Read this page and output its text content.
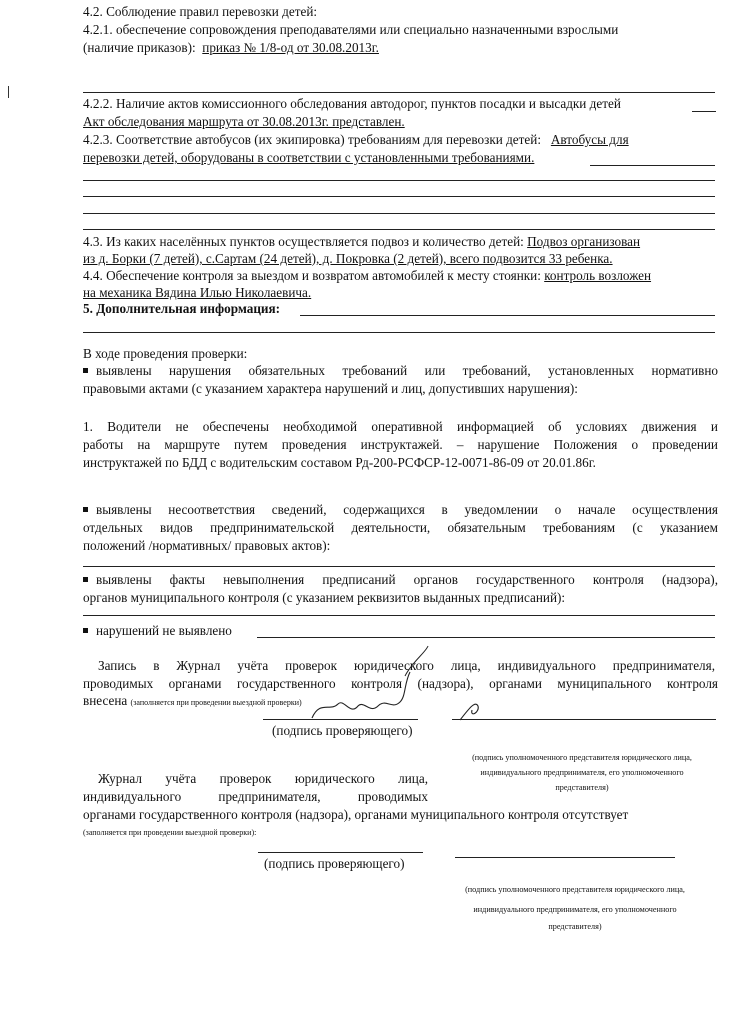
4.2. Соблюдение правил перевозки детей:
4.2.1. обеспечение сопровождения преподавателями или специально назначенными взрослыми
(наличие приказов): приказ № 1/8-од от 30.08.2013г.
4.2.2. Наличие актов комиссионного обследования автодорог, пунктов посадки и высадки детей
Акт обследования маршрута от 30.08.2013г. представлен.
4.2.3. Соответствие автобусов (их экипировка) требованиям для перевозки детей: Автобусы для
перевозки детей, оборудованы в соответствии с установленными требованиями.
4.3. Из каких населённых пунктов осуществляется подвоз и количество детей: Подвоз организован
из д. Борки (7 детей), с.Сартам (24 детей), д. Покровка (2 детей), всего подвозится 33 ребенка.
4.4. Обеспечение контроля за выездом и возвратом автомобилей к месту стоянки: контроль возложен
на механика Вядина Илью Николаевича.
5. Дополнительная информация:
В ходе проведения проверки:
выявлены нарушения обязательных требований или требований, установленных нормативно
правовыми актами (с указанием характера нарушений и лиц, допустивших нарушения):
1. Водители не обеспечены необходимой оперативной информацией об условиях движения и
работы на маршруте путем проведения инструктажей. – нарушение Положения о проведении
инструктажей по БДД с водительским составом Рд-200-РСФСР-12-0071-86-09 от 20.01.86г.
выявлены несоответствия сведений, содержащихся в уведомлении о начале осуществления
отдельных видов предпринимательской деятельности, обязательным требованиям (с указанием
положений /нормативных/ правовых актов):
выявлены факты невыполнения предписаний органов государственного контроля (надзора),
органов муниципального контроля (с указанием реквизитов выданных предписаний):
нарушений не выявлено
Запись в Журнал учёта проверок юридического лица, индивидуального предпринимателя,
проводимых органами государственного контроля (надзора), органами муниципального контроля
внесена (заполняется при проведении выездной проверки)
(подпись проверяющего)
(подпись уполномоченного представителя юридического лица,
индивидуального предпринимателя, его уполномоченного
представителя)
Журнал учёта проверок юридического лица,
индивидуального предпринимателя, проводимых
органами государственного контроля (надзора), органами муниципального контроля отсутствует
(заполняется при проведении выездной проверки):
(подпись проверяющего)
(подпись уполномоченного представителя юридического лица,
индивидуального предпринимателя, его уполномоченного
представителя)
